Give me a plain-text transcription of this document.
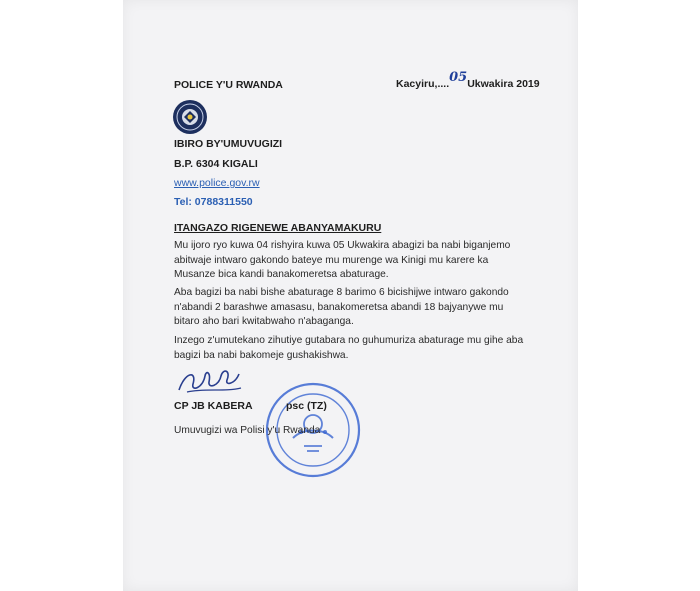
POLICE Y'U RWANDA	Kacyiru,....05Ukwakira 2019
IBIRO BY'UMUVUGIZI
B.P. 6304 KIGALI
www.police.gov.rw
Tel: 0788311550
ITANGAZO RIGENEWE ABANYAMAKURU
Mu ijoro ryo kuwa 04 rishyira kuwa 05 Ukwakira abagizi ba nabi biganjemo abitwaje intwaro gakondo bateye mu murenge wa Kinigi mu karere ka Musanze bica kandi banakomeretsa abaturage.
Aba bagizi ba nabi bishe abaturage 8 barimo 6 bicishijwe intwaro gakondo n'abandi 2 barashwe amasasu, banakomeretsa abandi 18 bajyanywe mu bitaro aho bari kwitabwaho n'abaganga.
Inzego z'umutekano zihutiye gutabara no guhumuriza abaturage mu gihe aba bagizi ba nabi bakomeje gushakishwa.
CP JB KABERA	psc (TZ)
Umuvugizi wa Polisi y'u Rwanda
